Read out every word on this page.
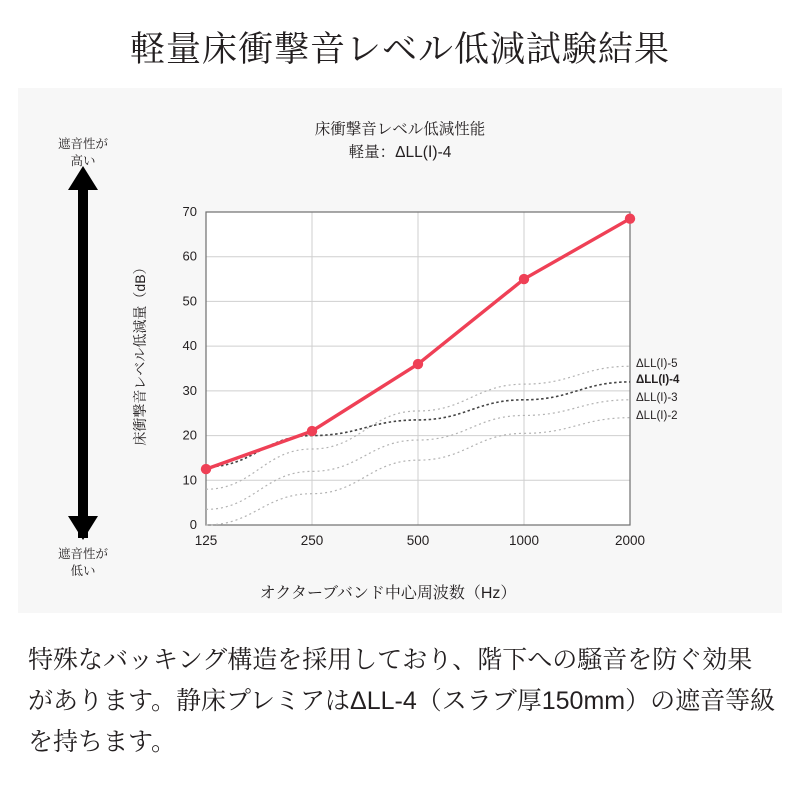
軽量床衝撃音レベル低減試験結果
床衝撃音レベル低減性能
軽量：ΔLL(Ⅰ)-4
遮音性が
高い
遮音性が
低い
床衝撃音レベル低減量（dB）
0
10
20
30
40
50
60
70
125	250	500	1000	2000
オクターブバンド中心周波数（Hz）
ΔLL(I)-5
ΔLL(I)-4
ΔLL(I)-3
ΔLL(I)-2
特殊なバッキング構造を採用しており、階下への騒音を防ぐ効果があります。静床プレミアはΔLL-4（スラブ厚150mm）の遮音等級を持ちます。
